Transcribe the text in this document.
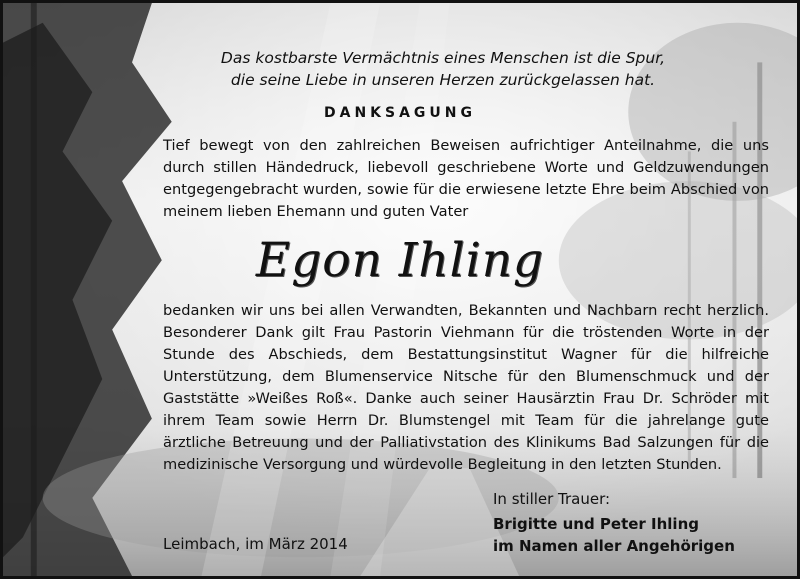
Das kostbarste Vermächtnis eines Menschen ist die Spur,
die seine Liebe in unseren Herzen zurückgelassen hat.
DANKSAGUNG
Tief bewegt von den zahlreichen Beweisen aufrichtiger Anteilnahme, die uns durch stillen Händedruck, liebevoll geschriebene Worte und Geldzuwendungen entgegengebracht wurden, sowie für die erwiesene letzte Ehre beim Abschied von meinem lieben Ehemann und guten Vater
Egon Ihling
bedanken wir uns bei allen Verwandten, Bekannten und Nachbarn recht herzlich. Besonderer Dank gilt Frau Pastorin Viehmann für die tröstenden Worte in der Stunde des Abschieds, dem Bestattungsinstitut Wagner für die hilfreiche Unterstützung, dem Blumenservice Nitsche für den Blumenschmuck und der Gaststätte »Weißes Roß«. Danke auch seiner Hausärztin Frau Dr. Schröder mit ihrem Team sowie Herrn Dr. Blumstengel mit Team für die jahrelange gute ärztliche Betreuung und der Palliativstation des Klinikums Bad Salzungen für die medizinische Versorgung und würdevolle Begleitung in den letzten Stunden.
In stiller Trauer:
Brigitte und Peter Ihling
im Namen aller Angehörigen
Leimbach, im März 2014
